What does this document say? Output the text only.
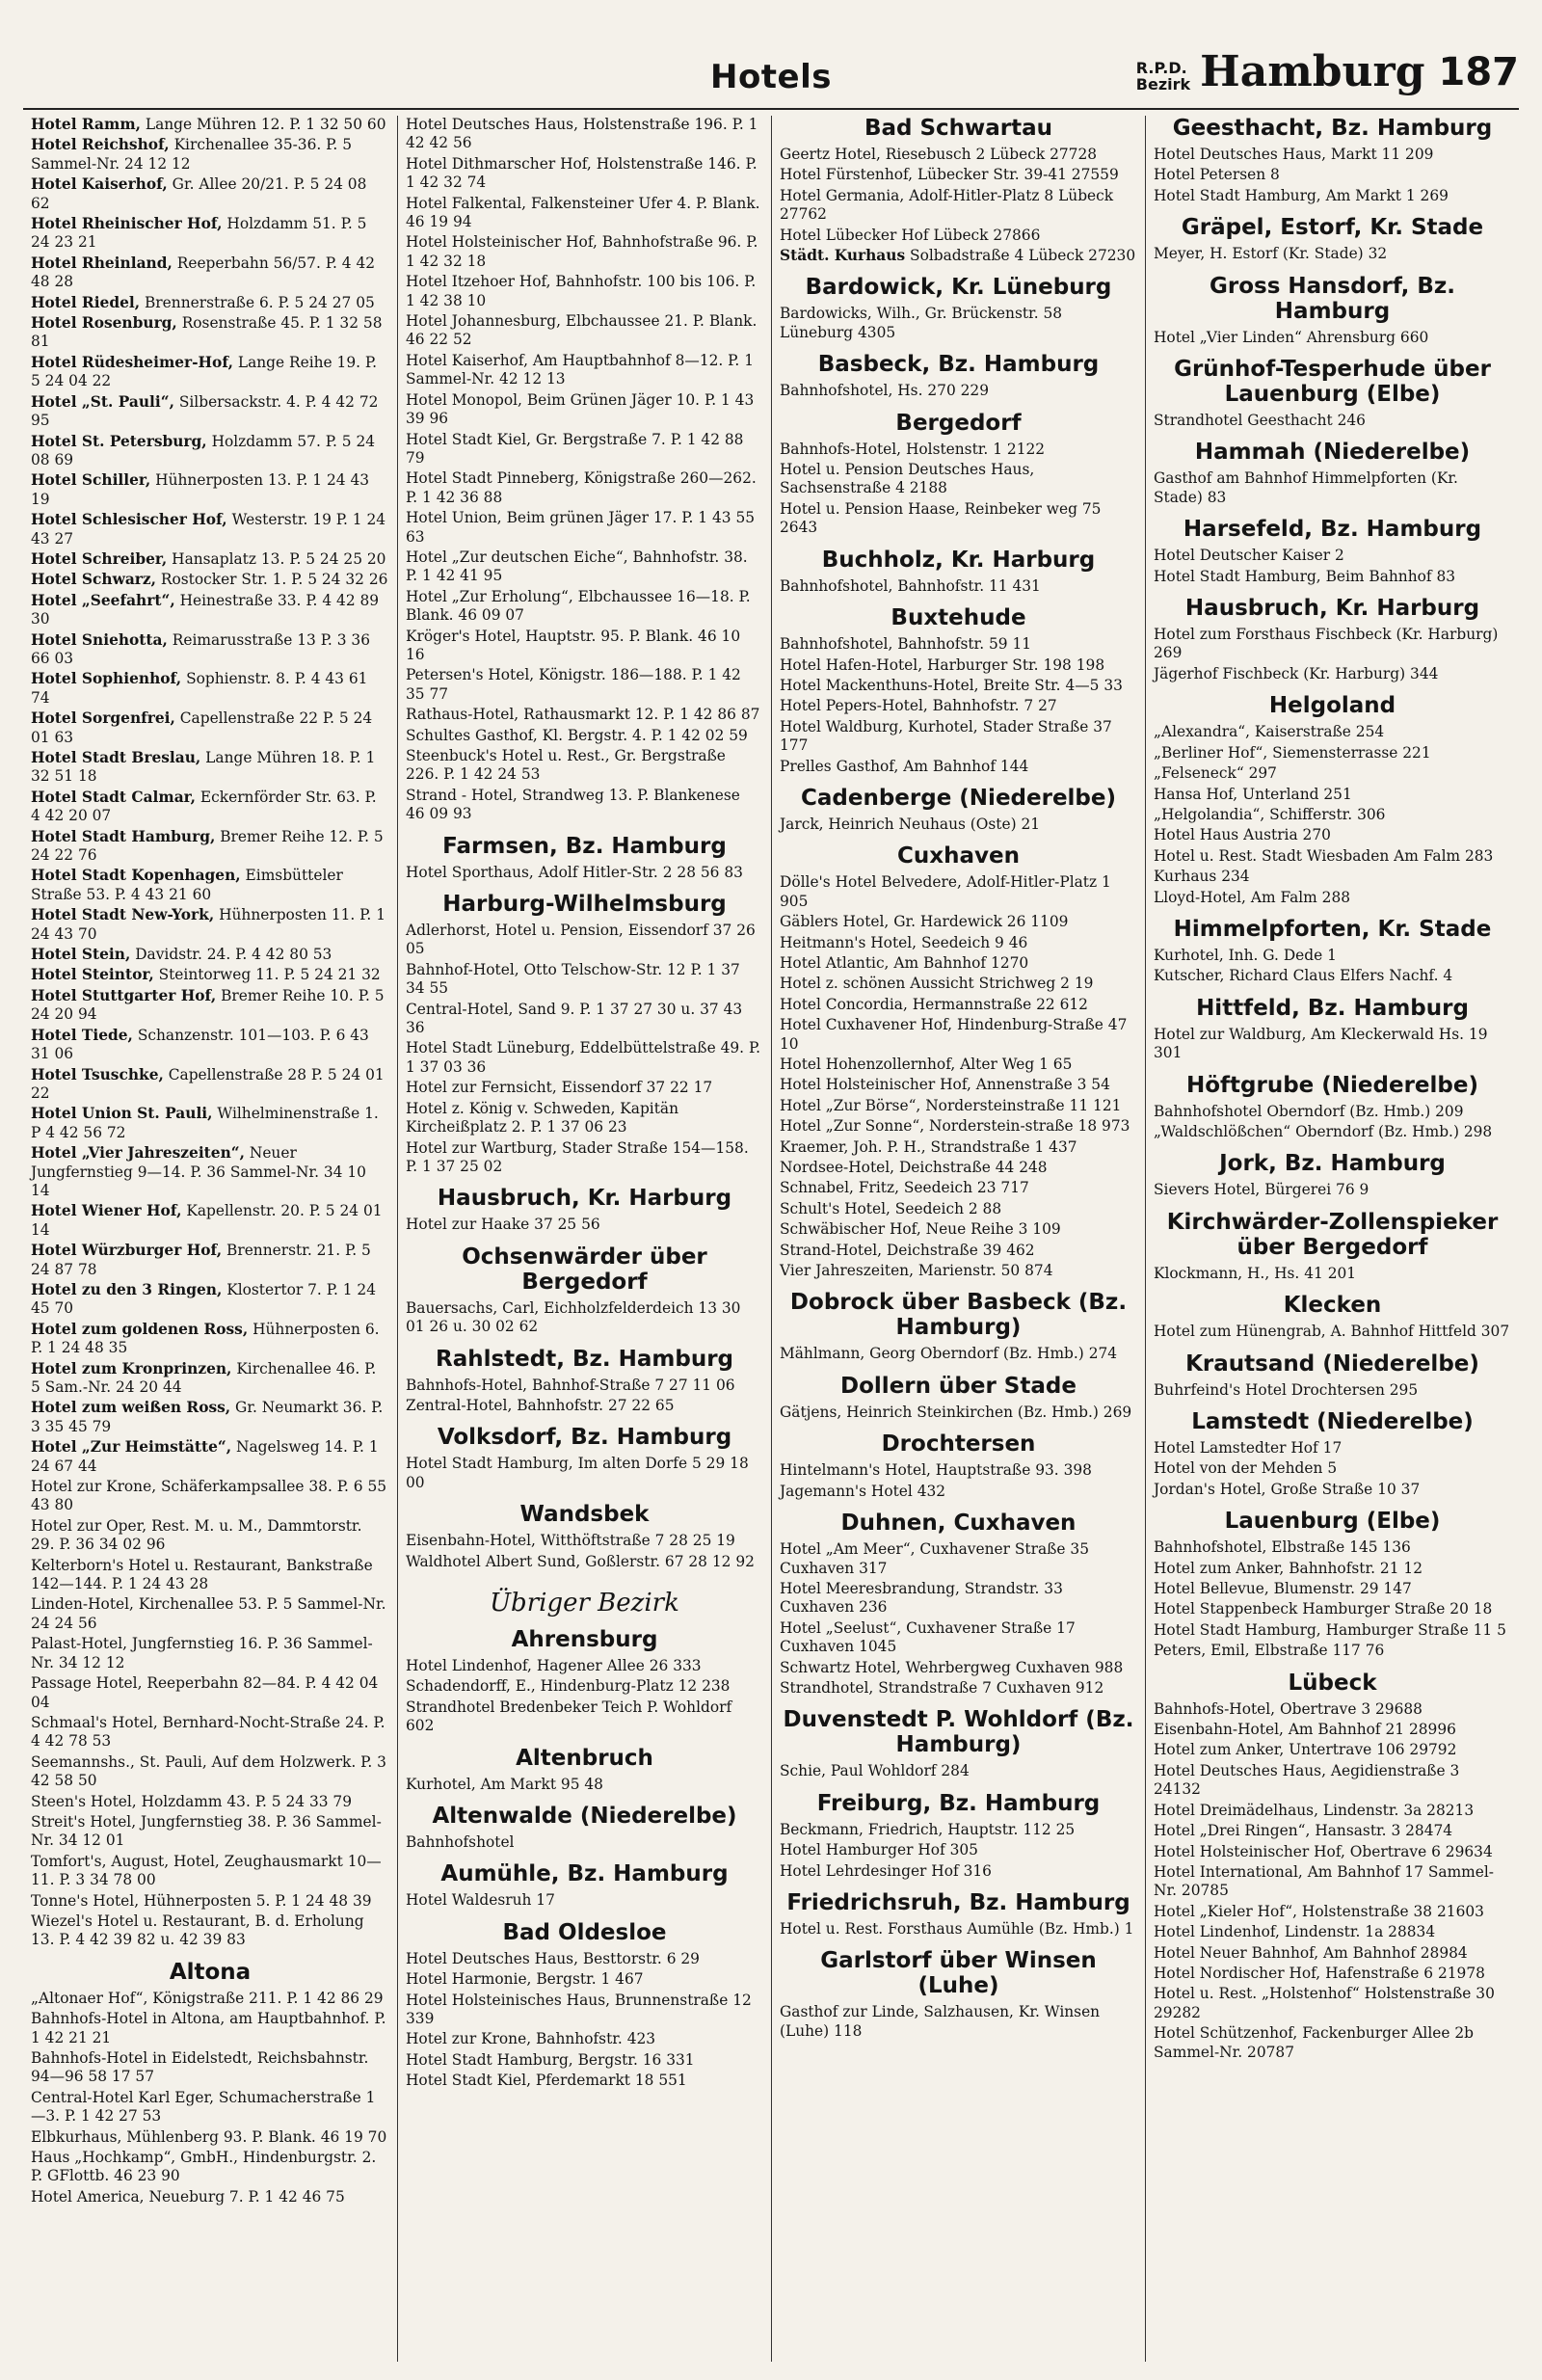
Hotels	R.P.D.
Bezirk Hamburg 187
Hotel Ramm, Lange Mühren 12. P. 1 32 50 60
Hotel Reichshof, Kirchenallee 35-36. P. 5 Sammel-Nr. 24 12 12
Hotel Kaiserhof, Gr. Allee 20/21. P. 5 24 08 62
Hotel Rheinischer Hof, Holzdamm 51. P. 5 24 23 21
Hotel Rheinland, Reeperbahn 56/57. P. 4 42 48 28
Hotel Riedel, Brennerstraße 6. P. 5 24 27 05
Hotel Rosenburg, Rosenstraße 45. P. 1 32 58 81
Hotel Rüdesheimer-Hof, Lange Reihe 19. P. 5 24 04 22
Hotel „St. Pauli“, Silbersackstr. 4. P. 4 42 72 95
Hotel St. Petersburg, Holzdamm 57. P. 5 24 08 69
Hotel Schiller, Hühnerposten 13. P. 1 24 43 19
Hotel Schlesischer Hof, Westerstr. 19 P. 1 24 43 27
Hotel Schreiber, Hansaplatz 13. P. 5 24 25 20
Hotel Schwarz, Rostocker Str. 1. P. 5 24 32 26
Hotel „Seefahrt“, Heinestraße 33. P. 4 42 89 30
Hotel Sniehotta, Reimarusstraße 13 P. 3 36 66 03
Hotel Sophienhof, Sophienstr. 8. P. 4 43 61 74
Hotel Sorgenfrei, Capellenstraße 22 P. 5 24 01 63
Hotel Stadt Breslau, Lange Mühren 18. P. 1 32 51 18
Hotel Stadt Calmar, Eckernförder Str. 63. P. 4 42 20 07
Hotel Stadt Hamburg, Bremer Reihe 12. P. 5 24 22 76
Hotel Stadt Kopenhagen, Eimsbütteler Straße 53. P. 4 43 21 60
Hotel Stadt New-York, Hühnerposten 11. P. 1 24 43 70
Hotel Stein, Davidstr. 24. P. 4 42 80 53
Hotel Steintor, Steintorweg 11. P. 5 24 21 32
Hotel Stuttgarter Hof, Bremer Reihe 10. P. 5 24 20 94
Hotel Tiede, Schanzenstr. 101—103. P. 6 43 31 06
Hotel Tsuschke, Capellenstraße 28 P. 5 24 01 22
Hotel Union St. Pauli, Wilhelminenstraße 1. P 4 42 56 72
Hotel „Vier Jahreszeiten“, Neuer Jungfernstieg 9—14. P. 36 Sammel-Nr. 34 10 14
Hotel Wiener Hof, Kapellenstr. 20. P. 5 24 01 14
Hotel Würzburger Hof, Brennerstr. 21. P. 5 24 87 78
Hotel zu den 3 Ringen, Klostertor 7. P. 1 24 45 70
Hotel zum goldenen Ross, Hühnerposten 6. P. 1 24 48 35
Hotel zum Kronprinzen, Kirchenallee 46. P. 5 Sam.-Nr. 24 20 44
Hotel zum weißen Ross, Gr. Neumarkt 36. P. 3 35 45 79
Hotel „Zur Heimstätte“, Nagelsweg 14. P. 1 24 67 44
Hotel zur Krone, Schäferkampsallee 38. P. 6 55 43 80
Hotel zur Oper, Rest. M. u. M., Dammtorstr. 29. P. 36 34 02 96
Kelterborn's Hotel u. Restaurant, Bankstraße 142—144. P. 1 24 43 28
Linden-Hotel, Kirchenallee 53. P. 5 Sammel-Nr. 24 24 56
Palast-Hotel, Jungfernstieg 16. P. 36 Sammel-Nr. 34 12 12
Passage Hotel, Reeperbahn 82—84. P. 4 42 04 04
Schmaal's Hotel, Bernhard-Nocht-Straße 24. P. 4 42 78 53
Seemannshs., St. Pauli, Auf dem Holzwerk. P. 3 42 58 50
Steen's Hotel, Holzdamm 43. P. 5 24 33 79
Streit's Hotel, Jungfernstieg 38. P. 36 Sammel-Nr. 34 12 01
Tomfort's, August, Hotel, Zeughausmarkt 10—11. P. 3 34 78 00
Tonne's Hotel, Hühnerposten 5. P. 1 24 48 39
Wiezel's Hotel u. Restaurant, B. d. Erholung 13. P. 4 42 39 82 u. 42 39 83
Altona
„Altonaer Hof“, Königstraße 211. P. 1 42 86 29
Bahnhofs-Hotel in Altona, am Hauptbahnhof. P. 1 42 21 21
Bahnhofs-Hotel in Eidelstedt, Reichsbahnstr. 94—96 58 17 57
Central-Hotel Karl Eger, Schumacherstraße 1—3. P. 1 42 27 53
Elbkurhaus, Mühlenberg 93. P. Blank. 46 19 70
Haus „Hochkamp“, GmbH., Hindenburgstr. 2. P. GFlottb. 46 23 90
Hotel America, Neueburg 7. P. 1 42 46 75
Hotel Deutsches Haus, Holstenstraße 196. P. 1 42 42 56
Hotel Dithmarscher Hof, Holstenstraße 146. P. 1 42 32 74
Hotel Falkental, Falkensteiner Ufer 4. P. Blank. 46 19 94
Hotel Holsteinischer Hof, Bahnhofstraße 96. P. 1 42 32 18
Hotel Itzehoer Hof, Bahnhofstr. 100 bis 106. P. 1 42 38 10
Hotel Johannesburg, Elbchaussee 21. P. Blank. 46 22 52
Hotel Kaiserhof, Am Hauptbahnhof 8—12. P. 1 Sammel-Nr. 42 12 13
Hotel Monopol, Beim Grünen Jäger 10. P. 1 43 39 96
Hotel Stadt Kiel, Gr. Bergstraße 7. P. 1 42 88 79
Hotel Stadt Pinneberg, Königstraße 260—262. P. 1 42 36 88
Hotel Union, Beim grünen Jäger 17. P. 1 43 55 63
Hotel „Zur deutschen Eiche“, Bahnhofstr. 38. P. 1 42 41 95
Hotel „Zur Erholung“, Elbchaussee 16—18. P. Blank. 46 09 07
Kröger's Hotel, Hauptstr. 95. P. Blank. 46 10 16
Petersen's Hotel, Königstr. 186—188. P. 1 42 35 77
Rathaus-Hotel, Rathausmarkt 12. P. 1 42 86 87
Schultes Gasthof, Kl. Bergstr. 4. P. 1 42 02 59
Steenbuck's Hotel u. Rest., Gr. Bergstraße 226. P. 1 42 24 53
Strand - Hotel, Strandweg 13. P. Blankenese 46 09 93
Farmsen, Bz. Hamburg
Hotel Sporthaus, Adolf Hitler-Str. 2 28 56 83
Harburg-Wilhelmsburg
Adlerhorst, Hotel u. Pension, Eissendorf 37 26 05
Bahnhof-Hotel, Otto Telschow-Str. 12 P. 1 37 34 55
Central-Hotel, Sand 9. P. 1 37 27 30 u. 37 43 36
Hotel Stadt Lüneburg, Eddelbüttelstraße 49. P. 1 37 03 36
Hotel zur Fernsicht, Eissendorf 37 22 17
Hotel z. König v. Schweden, Kapitän Kircheißplatz 2. P. 1 37 06 23
Hotel zur Wartburg, Stader Straße 154—158. P. 1 37 25 02
Hausbruch, Kr. Harburg
Hotel zur Haake 37 25 56
Ochsenwärder über Bergedorf
Bauersachs, Carl, Eichholzfelderdeich 13 30 01 26 u. 30 02 62
Rahlstedt, Bz. Hamburg
Bahnhofs-Hotel, Bahnhof-Straße 7 27 11 06
Zentral-Hotel, Bahnhofstr. 27 22 65
Volksdorf, Bz. Hamburg
Hotel Stadt Hamburg, Im alten Dorfe 5 29 18 00
Wandsbek
Eisenbahn-Hotel, Witthöftstraße 7 28 25 19
Waldhotel Albert Sund, Goßlerstr. 67 28 12 92
Übriger Bezirk
Ahrensburg
Hotel Lindenhof, Hagener Allee 26 333
Schadendorff, E., Hindenburg-Platz 12 238
Strandhotel Bredenbeker Teich P. Wohldorf 602
Altenbruch
Kurhotel, Am Markt 95 48
Altenwalde (Niederelbe)
Bahnhofshotel
Aumühle, Bz. Hamburg
Hotel Waldesruh 17
Bad Oldesloe
Hotel Deutsches Haus, Besttorstr. 6 29
Hotel Harmonie, Bergstr. 1 467
Hotel Holsteinisches Haus, Brunnenstraße 12 339
Hotel zur Krone, Bahnhofstr. 423
Hotel Stadt Hamburg, Bergstr. 16 331
Hotel Stadt Kiel, Pferdemarkt 18 551
Bad Schwartau
Geertz Hotel, Riesebusch 2 Lübeck 27728
Hotel Fürstenhof, Lübecker Str. 39-41 27559
Hotel Germania, Adolf-Hitler-Platz 8 Lübeck 27762
Hotel Lübecker Hof Lübeck 27866
Städt. Kurhaus Solbadstraße 4 Lübeck 27230
Bardowick, Kr. Lüneburg
Bardowicks, Wilh., Gr. Brückenstr. 58 Lüneburg 4305
Basbeck, Bz. Hamburg
Bahnhofshotel, Hs. 270 229
Bergedorf
Bahnhofs-Hotel, Holstenstr. 1 2122
Hotel u. Pension Deutsches Haus, Sachsenstraße 4 2188
Hotel u. Pension Haase, Reinbeker weg 75 2643
Buchholz, Kr. Harburg
Bahnhofshotel, Bahnhofstr. 11 431
Buxtehude
Bahnhofshotel, Bahnhofstr. 59 11
Hotel Hafen-Hotel, Harburger Str. 198 198
Hotel Mackenthuns-Hotel, Breite Str. 4—5 33
Hotel Pepers-Hotel, Bahnhofstr. 7 27
Hotel Waldburg, Kurhotel, Stader Straße 37 177
Prelles Gasthof, Am Bahnhof 144
Cadenberge (Niederelbe)
Jarck, Heinrich Neuhaus (Oste) 21
Cuxhaven
Dölle's Hotel Belvedere, Adolf-Hitler-Platz 1 905
Gäblers Hotel, Gr. Hardewick 26 1109
Heitmann's Hotel, Seedeich 9 46
Hotel Atlantic, Am Bahnhof 1270
Hotel z. schönen Aussicht Strichweg 2 19
Hotel Concordia, Hermannstraße 22 612
Hotel Cuxhavener Hof, Hindenburg-Straße 47 10
Hotel Hohenzollernhof, Alter Weg 1 65
Hotel Holsteinischer Hof, Annenstraße 3 54
Hotel „Zur Börse“, Nordersteinstraße 11 121
Hotel „Zur Sonne“, Norderstein-straße 18 973
Kraemer, Joh. P. H., Strandstraße 1 437
Nordsee-Hotel, Deichstraße 44 248
Schnabel, Fritz, Seedeich 23 717
Schult's Hotel, Seedeich 2 88
Schwäbischer Hof, Neue Reihe 3 109
Strand-Hotel, Deichstraße 39 462
Vier Jahreszeiten, Marienstr. 50 874
Dobrock über Basbeck (Bz. Hamburg)
Mählmann, Georg Oberndorf (Bz. Hmb.) 274
Dollern über Stade
Gätjens, Heinrich Steinkirchen (Bz. Hmb.) 269
Drochtersen
Hintelmann's Hotel, Hauptstraße 93. 398
Jagemann's Hotel 432
Duhnen, Cuxhaven
Hotel „Am Meer“, Cuxhavener Straße 35 Cuxhaven 317
Hotel Meeresbrandung, Strandstr. 33 Cuxhaven 236
Hotel „Seelust“, Cuxhavener Straße 17 Cuxhaven 1045
Schwartz Hotel, Wehrbergweg Cuxhaven 988
Strandhotel, Strandstraße 7 Cuxhaven 912
Duvenstedt P. Wohldorf (Bz. Hamburg)
Schie, Paul Wohldorf 284
Freiburg, Bz. Hamburg
Beckmann, Friedrich, Hauptstr. 112 25
Hotel Hamburger Hof 305
Hotel Lehrdesinger Hof 316
Friedrichsruh, Bz. Hamburg
Hotel u. Rest. Forsthaus Aumühle (Bz. Hmb.) 1
Garlstorf über Winsen (Luhe)
Gasthof zur Linde, Salzhausen, Kr. Winsen (Luhe) 118
Geesthacht, Bz. Hamburg
Hotel Deutsches Haus, Markt 11 209
Hotel Petersen 8
Hotel Stadt Hamburg, Am Markt 1 269
Gräpel, Estorf, Kr. Stade
Meyer, H. Estorf (Kr. Stade) 32
Gross Hansdorf, Bz. Hamburg
Hotel „Vier Linden“ Ahrensburg 660
Grünhof-Tesperhude über Lauenburg (Elbe)
Strandhotel Geesthacht 246
Hammah (Niederelbe)
Gasthof am Bahnhof Himmelpforten (Kr. Stade) 83
Harsefeld, Bz. Hamburg
Hotel Deutscher Kaiser 2
Hotel Stadt Hamburg, Beim Bahnhof 83
Hausbruch, Kr. Harburg
Hotel zum Forsthaus Fischbeck (Kr. Harburg) 269
Jägerhof Fischbeck (Kr. Harburg) 344
Helgoland
„Alexandra“, Kaiserstraße 254
„Berliner Hof“, Siemensterrasse 221
„Felseneck“ 297
Hansa Hof, Unterland 251
„Helgolandia“, Schifferstr. 306
Hotel Haus Austria 270
Hotel u. Rest. Stadt Wiesbaden Am Falm 283
Kurhaus 234
Lloyd-Hotel, Am Falm 288
Himmelpforten, Kr. Stade
Kurhotel, Inh. G. Dede 1
Kutscher, Richard Claus Elfers Nachf. 4
Hittfeld, Bz. Hamburg
Hotel zur Waldburg, Am Kleckerwald Hs. 19 301
Höftgrube (Niederelbe)
Bahnhofshotel Oberndorf (Bz. Hmb.) 209
„Waldschlößchen“ Oberndorf (Bz. Hmb.) 298
Jork, Bz. Hamburg
Sievers Hotel, Bürgerei 76 9
Kirchwärder-Zollenspieker über Bergedorf
Klockmann, H., Hs. 41 201
Klecken
Hotel zum Hünengrab, A. Bahnhof Hittfeld 307
Krautsand (Niederelbe)
Buhrfeind's Hotel Drochtersen 295
Lamstedt (Niederelbe)
Hotel Lamstedter Hof 17
Hotel von der Mehden 5
Jordan's Hotel, Große Straße 10 37
Lauenburg (Elbe)
Bahnhofshotel, Elbstraße 145 136
Hotel zum Anker, Bahnhofstr. 21 12
Hotel Bellevue, Blumenstr. 29 147
Hotel Stappenbeck Hamburger Straße 20 18
Hotel Stadt Hamburg, Hamburger Straße 11 5
Peters, Emil, Elbstraße 117 76
Lübeck
Bahnhofs-Hotel, Obertrave 3 29688
Eisenbahn-Hotel, Am Bahnhof 21 28996
Hotel zum Anker, Untertrave 106 29792
Hotel Deutsches Haus, Aegidienstraße 3 24132
Hotel Dreimädelhaus, Lindenstr. 3a 28213
Hotel „Drei Ringen“, Hansastr. 3 28474
Hotel Holsteinischer Hof, Obertrave 6 29634
Hotel International, Am Bahnhof 17 Sammel-Nr. 20785
Hotel „Kieler Hof“, Holstenstraße 38 21603
Hotel Lindenhof, Lindenstr. 1a 28834
Hotel Neuer Bahnhof, Am Bahnhof 28984
Hotel Nordischer Hof, Hafenstraße 6 21978
Hotel u. Rest. „Holstenhof“ Holstenstraße 30 29282
Hotel Schützenhof, Fackenburger Allee 2b Sammel-Nr. 20787
